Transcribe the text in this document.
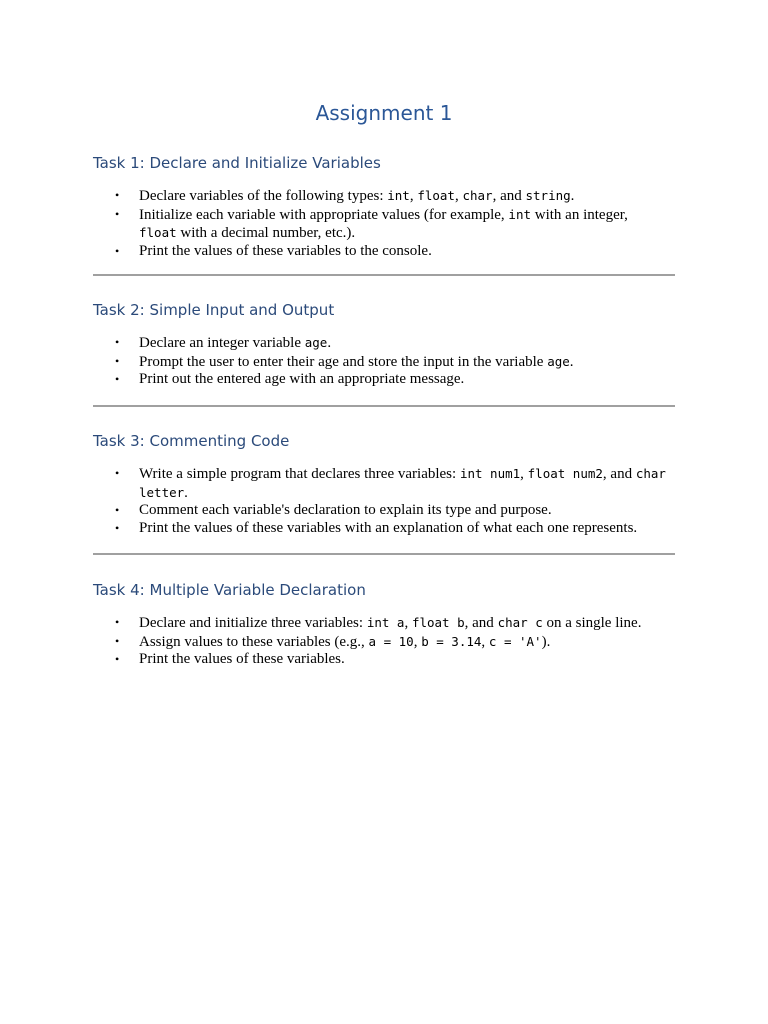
Assignment 1
Task 1: Declare and Initialize Variables
• Declare variables of the following types: int, float, char, and string.
• Initialize each variable with appropriate values (for example, int with an integer, float with a decimal number, etc.).
• Print the values of these variables to the console.
Task 2: Simple Input and Output
• Declare an integer variable age.
• Prompt the user to enter their age and store the input in the variable age.
• Print out the entered age with an appropriate message.
Task 3: Commenting Code
• Write a simple program that declares three variables: int num1, float num2, and char letter.
• Comment each variable's declaration to explain its type and purpose.
• Print the values of these variables with an explanation of what each one represents.
Task 4: Multiple Variable Declaration
• Declare and initialize three variables: int a, float b, and char c on a single line.
• Assign values to these variables (e.g., a = 10, b = 3.14, c = 'A').
• Print the values of these variables.
